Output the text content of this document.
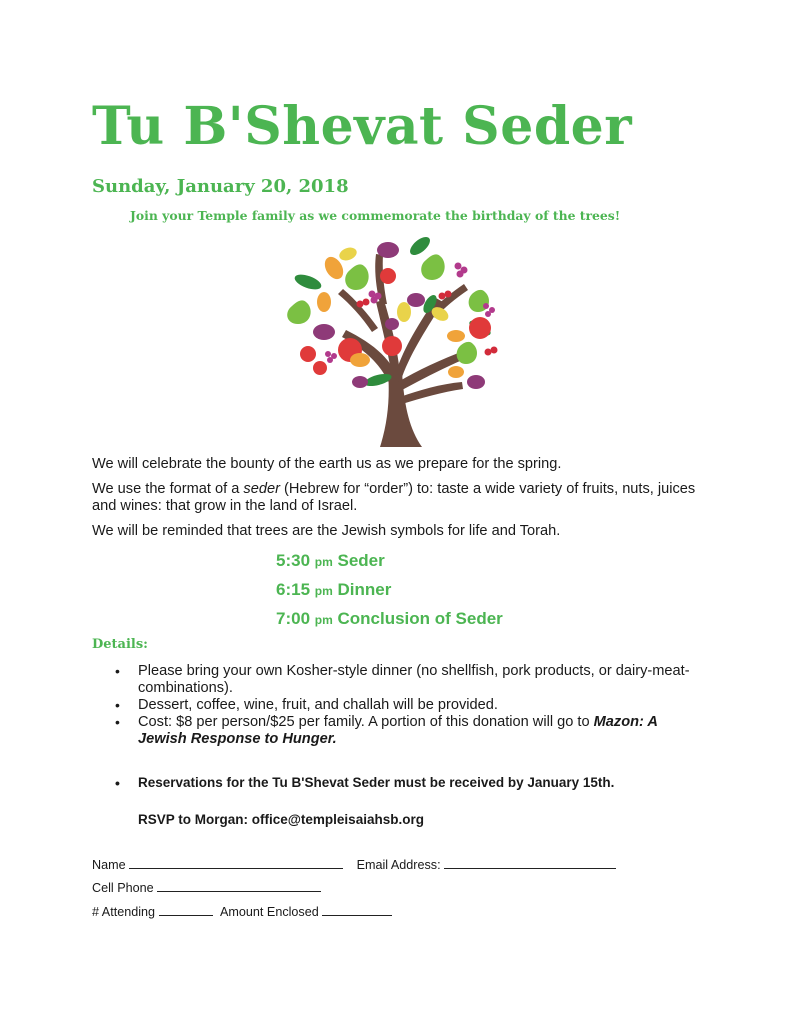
Tu B'Shevat Seder
Sunday, January 20, 2018
Join your Temple family as we commemorate the birthday of the trees!

We will celebrate the bounty of the earth us as we prepare for the spring.

We use the format of a seder (Hebrew for “order”) to: taste a wide variety of fruits, nuts, juices and wines: that grow in the land of Israel.

We will be reminded that trees are the Jewish symbols for life and Torah.

5:30 pm Seder
6:15 pm Dinner
7:00 pm Conclusion of Seder
Details:
• Please bring your own Kosher-style dinner (no shellfish, pork products, or dairy-meat-combinations).
• Dessert, coffee, wine, fruit, and challah will be provided.
• Cost: $8 per person/$25 per family. A portion of this donation will go to Mazon: A Jewish Response to Hunger.
• Reservations for the Tu B'Shevat Seder must be received by January 15th.
RSVP to Morgan: office@templeisaiahsb.org
Name	Email Address:
Cell Phone
# Attending	Amount Enclosed
